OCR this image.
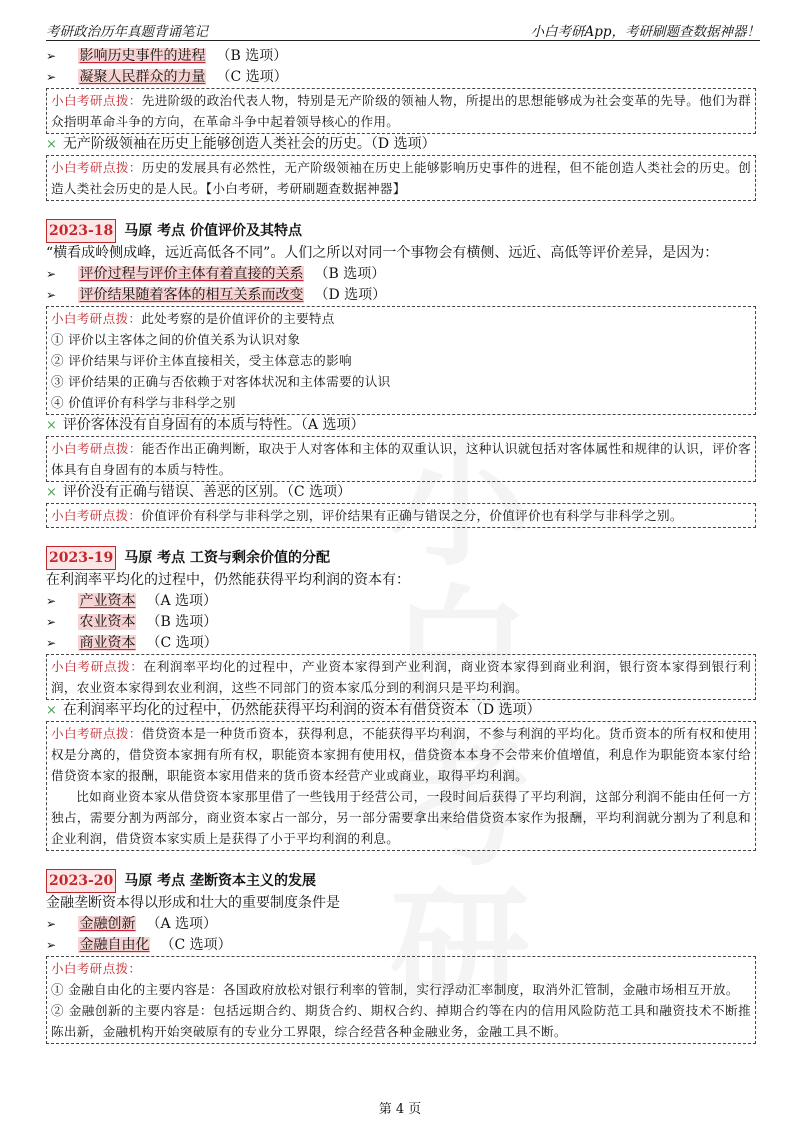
考研政治历年真题背诵笔记	小白考研App，考研刷题查数据神器！
➢ 影响历史事件的进程 （B 选项）
➢ 凝聚人民群众的力量 （C 选项）

小白考研点拨：先进阶级的政治代表人物，特别是无产阶级的领袖人物，所提出的思想能够成为社会变革的先导。他们为群众指明革命斗争的方向，在革命斗争中起着领导核心的作用。

× 无产阶级领袖在历史上能够创造人类社会的历史。（D 选项）

小白考研点拨：历史的发展具有必然性，无产阶级领袖在历史上能够影响历史事件的进程，但不能创造人类社会的历史。创造人类社会历史的是人民。【小白考研，考研刷题查数据神器】

2023-18 马原 考点 价值评价及其特点
“横看成岭侧成峰，远近高低各不同”。人们之所以对同一个事物会有横侧、远近、高低等评价差异，是因为：
➢ 评价过程与评价主体有着直接的关系 （B 选项）
➢ 评价结果随着客体的相互关系而改变 （D 选项）

小白考研点拨：此处考察的是价值评价的主要特点

① 评价以主客体之间的价值关系为认识对象
② 评价结果与评价主体直接相关，受主体意志的影响
③ 评价结果的正确与否依赖于对客体状况和主体需要的认识
④ 价值评价有科学与非科学之别
× 评价客体没有自身固有的本质与特性。（A 选项）

小白考研点拨：能否作出正确判断，取决于人对客体和主体的双重认识，这种认识就包括对客体属性和规律的认识，评价客体具有自身固有的本质与特性。

× 评价没有正确与错误、善恶的区别。（C 选项）

小白考研点拨：价值评价有科学与非科学之别，评价结果有正确与错误之分，价值评价也有科学与非科学之别。

2023-19 马原 考点 工资与剩余价值的分配
在利润率平均化的过程中，仍然能获得平均利润的资本有：
➢ 产业资本 （A 选项）
➢ 农业资本 （B 选项）
➢ 商业资本 （C 选项）

小白考研点拨：在利润率平均化的过程中，产业资本家得到产业利润，商业资本家得到商业利润，银行资本家得到银行利润，农业资本家得到农业利润，这些不同部门的资本家瓜分到的利润只是平均利润。

× 在利润率平均化的过程中，仍然能获得平均利润的资本有借贷资本（D 选项）

小白考研点拨：借贷资本是一种货币资本，获得利息，不能获得平均利润，不参与利润的平均化。货币资本的所有权和使用权是分离的，借贷资本家拥有所有权，职能资本家拥有使用权，借贷资本本身不会带来价值增值，利息作为职能资本家付给借贷资本家的报酬，职能资本家用借来的货币资本经营产业或商业，取得平均利润。

比如商业资本家从借贷资本家那里借了一些钱用于经营公司，一段时间后获得了平均利润，这部分利润不能由任何一方独占，需要分割为两部分，商业资本家占一部分，另一部分需要拿出来给借贷资本家作为报酬，平均利润就分割为了利息和企业利润，借贷资本家实质上是获得了小于平均利润的利息。

2023-20 马原 考点 垄断资本主义的发展
金融垄断资本得以形成和壮大的重要制度条件是
➢ 金融创新 （A 选项）
➢ 金融自由化 （C 选项）

小白考研点拨：

① 金融自由化的主要内容是：各国政府放松对银行利率的管制，实行浮动汇率制度，取消外汇管制，金融市场相互开放。
② 金融创新的主要内容是：包括远期合约、期货合约、期权合约、掉期合约等在内的信用风险防范工具和融资技术不断推陈出新，金融机构开始突破原有的专业分工界限，综合经营各种金融业务，金融工具不断。
第 4 页
